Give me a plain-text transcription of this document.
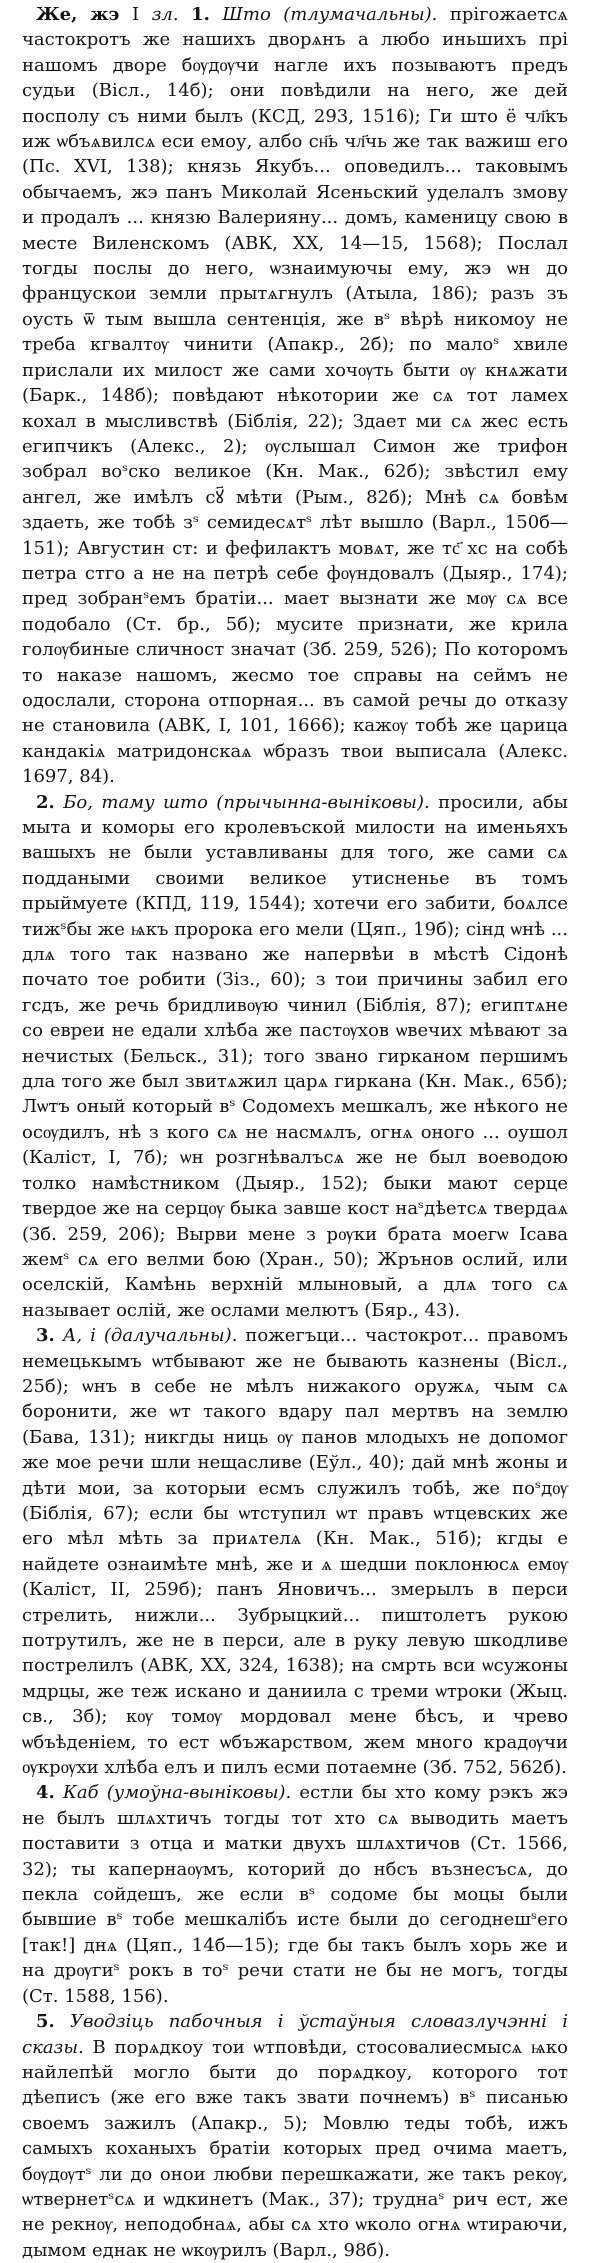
Же, жэ I зл. 1. Што (тлумачальны). прігожаетсѧ частокротъ же нашихъ дворѧнъ а любо иньшихъ прі нашомъ дворе бѹдѹчи нагле ихъ позываютъ предъ судьи (Вісл., 14б); они повѣдили на него, же дей посполу съ ними былъ (КСД, 293, 1516); Ги што ё чл҃къ иж ѡбъѧвилсѧ еси емоу, албо сн҃ь чл҃чь же так важиш его (Пс. XVI, 138); князь Якубъ... оповедилъ... таковымъ обычаемъ, жэ панъ Миколай Ясеньский уделалъ змову и продалъ ... князю Валерияну... домъ, каменицу свою в месте Виленскомъ (АВК, XX, 14—15, 1568); Послал тогды послы до него, ѡзнаимуючы ему, жэ ѡн до францускои земли прытѧгнулъ (Атыла, 186); разъ зъ оусть ѿ тым вышла сентенція, же вˢ вѣрѣ никомоу не треба кгвалтѹ чинити (Апакр., 2б); по малоˢ хвиле прислали их милост же сами хочѹть быти ѹ кнѧжати (Барк., 148б); повѣдают нѣкотории же сѧ тот ламех кохал в мысливствѣ (Біблія, 22); Здает ми сѧ жес есть египчикъ (Алекс., 2); ѹслышал Симон же трифон зобрал воˢско великое (Кн. Мак., 62б); звѣстил ему ангел, же имѣлъ сꙋ҃ мѣти (Рым., 82б); Мнѣ сѧ бовѣм здаеть, же тобѣ зˢ семидесѧтˢ лѣт вышло (Варл., 150б—151); Августин ст: и фефилактъ мовѧт, же тс҃ хс на собѣ петра стго а не на петрѣ себе фѹндовалъ (Дыяр., 174); пред зобранˢемъ братіи... мает вызнати же мѹ сѧ все подобало (Ст. бр., 5б); мусите признати, же крила голѹбиные сличност значат (Зб. 259, 526); По которомъ то наказе нашомъ, жесмо тое справы на сеймъ не одослали, сторона отпорная... въ самой речы до отказу не становила (АВК, I, 101, 1666); кажѹ тобѣ же царица кандакіѧ матридонскаѧ ѡбразъ твои выписала (Алекс. 1697, 84).

2. Бо, таму што (прычынна-выніковы). просили, абы мыта и коморы его кролевъской милости на именьяхъ вашыхъ не были уставливаны для того, же сами сѧ поддаными своими великое утисненье въ томъ прыймуете (КПД, 119, 1544); хотечи его забити, боѧлсе тижˢбы же ѩкъ пророка его мели (Цяп., 19б); сінд ѡнѣ ... длѧ того так названо же напервѣи в мѣстѣ Сідонѣ почато тое робити (Зіз., 60); з тои причины забил его гсдъ, же речь бридливѹю чинил (Біблія, 87); египтѧне со евреи не едали хлѣба же пастѹхов ѡвечих мѣвают за нечистых (Бельск., 31); того звано гирканом першимъ дла того же был звитѧжил царѧ гиркана (Кн. Мак., 65б); Лѡтъ оный который вˢ Содомехъ мешкалъ, же нѣкого не осѹдилъ, нѣ з кого сѧ не насмѧлъ, огнѧ оного ... оушол (Каліст, I, 7б); ѡн розгнѣвалъсѧ же не был воеводою толко намѣстником (Дыяр., 152); быки мают серце твердое же на серцѹ быка завше кост наˢдѣетсѧ твердаѧ (Зб. 259, 206); Вырви мене з рѹки брата моегѡ Ісава жемˢ сѧ его велми бою (Хран., 50); Жрънов ослий, или оселскій, Камѣнь верхній млыновый, а длѧ того сѧ называет ослій, же ослами мелютъ (Бяр., 43).

3. А, і (далучальны). пожегъци... частокрот... правомъ немецькымъ ѡтбывают же не бывають казнены (Вісл., 25б); ѡнъ в себе не мѣлъ нижакого оружѧ, чым сѧ боронити, же ѡт такого вдару пал мертвъ на землю (Бава, 131); никгды ниць ѹ панов млодыхъ не допомог же мое речи шли нещасливе (Еўл., 40); дай мнѣ жоны и дѣти мои, за которыи есмъ служилъ тобѣ, же поˢдѹ (Біблія, 67); если бы ѡтступил ѡт правъ ѡтцевских же его мѣл мѣть за приѧтелѧ (Кн. Мак., 51б); кгды е найдете ознаимѣте мнѣ, же и ѧ шедши поклонюсѧ емѹ (Каліст, II, 259б); панъ Яновичъ... змерылъ в перси стрелить, нижли... Зубрыцкий... пиштолетъ рукою потрутилъ, же не в перси, але в руку левую шкодливе пострелилъ (АВК, XX, 324, 1638); на смрть вси ѡсужоны мдрцы, же теж искано и даниила с треми ѡтроки (Жыц. св., 3б); кѹ томѹ мордовал мене бѣсъ, и чрево ѡбъѣденіем, то ест ѡбъжарством, жем много крадѹчи ѹкрѹхи хлѣба елъ и пилъ есми потаемне (Зб. 752, 562б).

4. Каб (умоўна-выніковы). естли бы хто кому рэкъ жэ не былъ шлѧхтичъ тогды тот хто сѧ выводить маетъ поставити з отца и матки двухъ шлѧхтичов (Ст. 1566, 32); ты капернаѹмъ, которий до нбсъ възнесъсѧ, до пекла сойдешъ, же если вˢ содоме бы моцы были бывшие вˢ тобе мешкалібъ исте были до сегоднешˢего [так!] днѧ (Цяп., 14б—15); где бы такъ былъ хорь же и на дрѹгиˢ рокъ в тоˢ речи стати не бы не могъ, тогды (Ст. 1588, 156).

5. Уводзіць пабочныя і ўстаўныя словазлучэнні і сказы. В порѧдкоу тои ѡтповѣди, стосовалиесмысѧ ѩко найлепѣй могло быти до порѧдкоу, которого тот дѣеписъ (же его вже такъ звати почнемъ) вˢ писанью своемъ зажилъ (Апакр., 5); Мовлю теды тобѣ, ижъ самыхъ коханыхъ братіи которых пред очима маетъ, бѹдѹтˢ ли до онои любви перешкажати, же такъ рекѹ, ѡтвернетˢсѧ и ѡдкинетъ (Мак., 37); труднаˢ рич ест, же не рекнѹ, неподобнаѧ, абы сѧ хто ѡколо огнѧ ѡтираючи, дымом еднак не ѡкѹрилъ (Варл., 98б).
